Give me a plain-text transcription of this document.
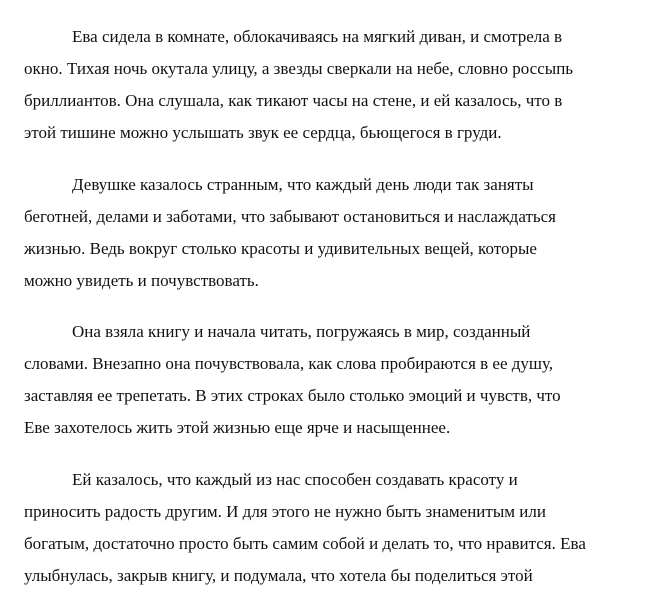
Ева сидела в комнате, облокачиваясь на мягкий диван, и смотрела в
окно. Тихая ночь окутала улицу, а звезды сверкали на небе, словно россыпь
бриллиантов. Она слушала, как тикают часы на стене, и ей казалось, что в
этой тишине можно услышать звук ее сердца, бьющегося в груди.
Девушке казалось странным, что каждый день люди так заняты
беготней, делами и заботами, что забывают остановиться и наслаждаться
жизнью. Ведь вокруг столько красоты и удивительных вещей, которые
можно увидеть и почувствовать.
Она взяла книгу и начала читать, погружаясь в мир, созданный
словами. Внезапно она почувствовала, как слова пробираются в ее душу,
заставляя ее трепетать. В этих строках было столько эмоций и чувств, что
Еве захотелось жить этой жизнью еще ярче и насыщеннее.
Ей казалось, что каждый из нас способен создавать красоту и
приносить радость другим. И для этого не нужно быть знаменитым или
богатым, достаточно просто быть самим собой и делать то, что нравится. Ева
улыбнулась, закрыв книгу, и подумала, что хотела бы поделиться этой
